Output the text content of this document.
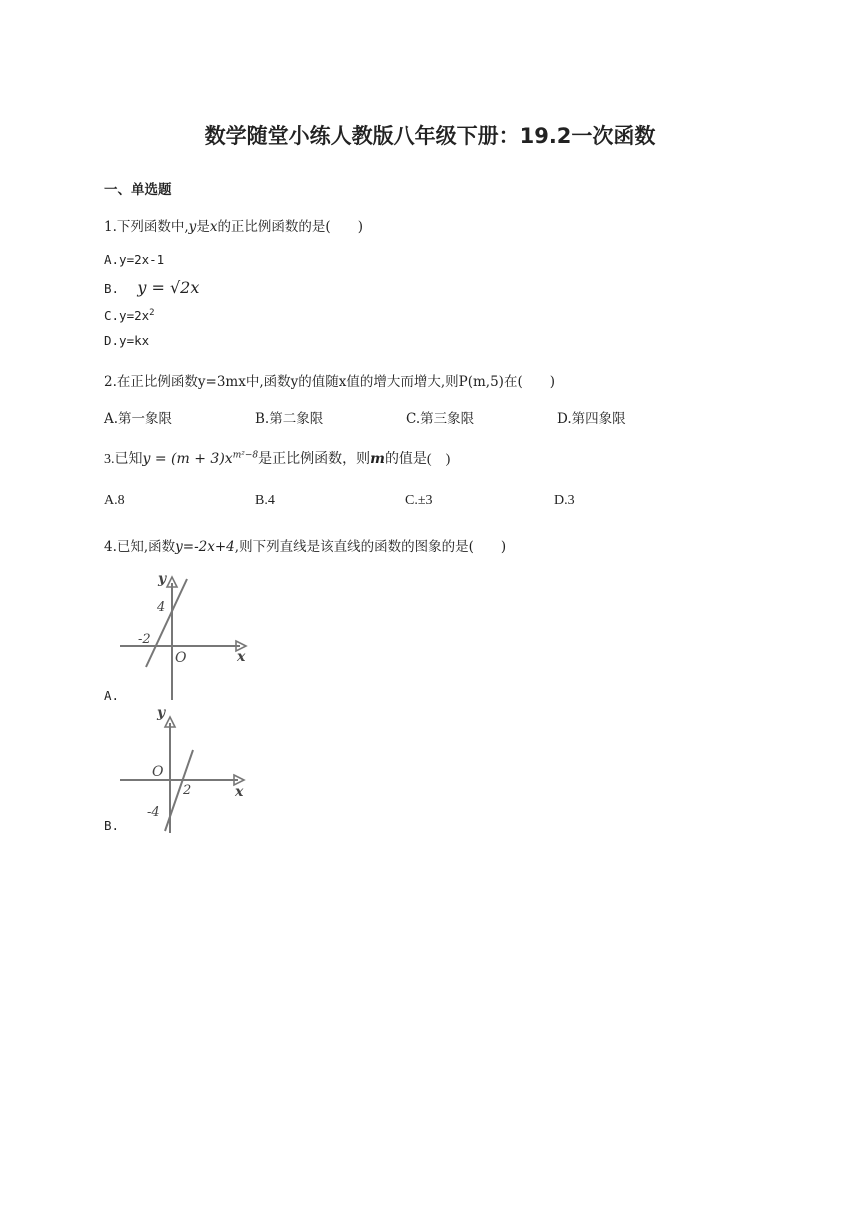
数学随堂小练人教版八年级下册：19.2一次函数
一、单选题
1.下列函数中,y是x的正比例函数的是(　　)
A.y=2x-1
B. y = √2x
$C.y=2x^2$
D.y=kx
2.在正比例函数y=3mx中,函数y的值随x值的增大而增大,则P(m,5)在(　　)
A.第一象限	B.第二象限	C.第三象限	D.第四象限
3.已知$y = (m + 3)x^{m^2-8}$是正比例函数，则m的值是(　)
A.8	B.4	C.±3	D.3
4.已知,函数y=-2x+4,则下列直线是该直线的函数的图象的是(　　)
y
x
O
4
-2
A.
y
x
O
-4
2
B.
